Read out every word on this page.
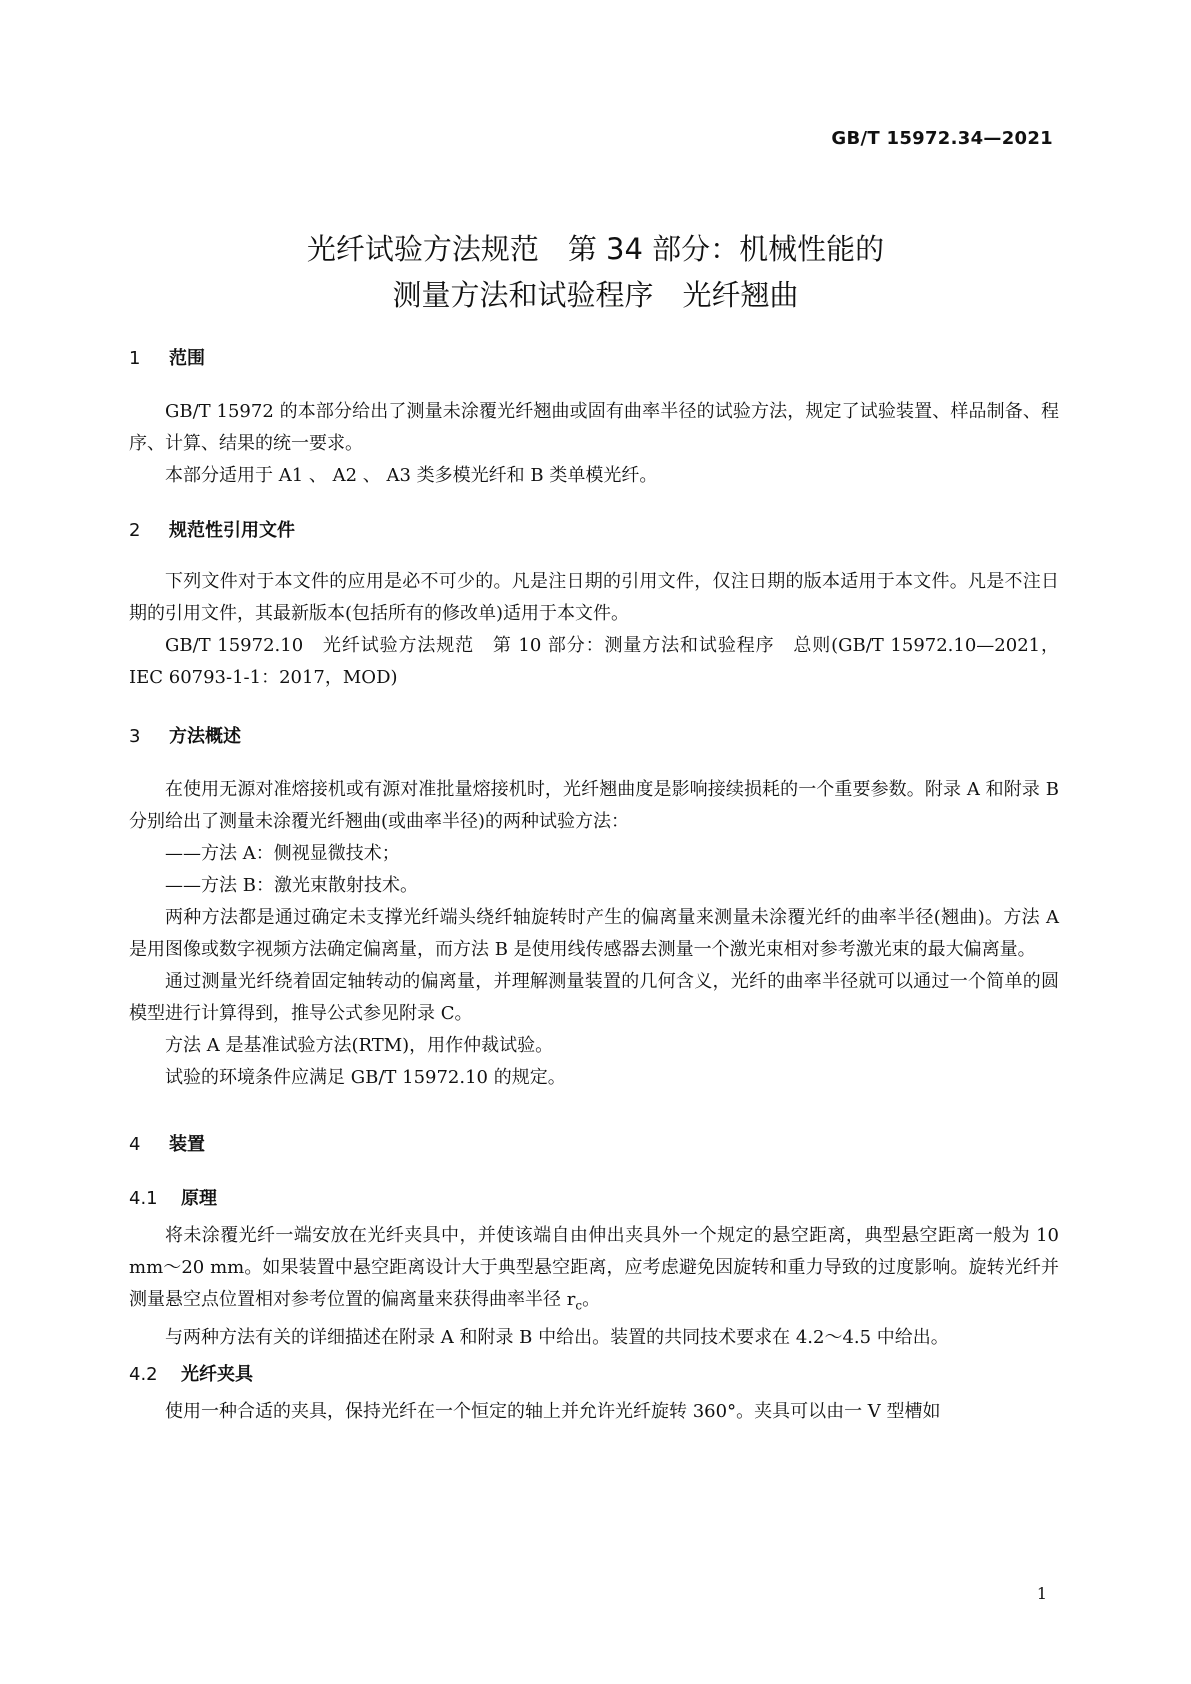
GB/T 15972.34—2021
光纤试验方法规范　第 34 部分：机械性能的
测量方法和试验程序　光纤翘曲
1 范围

GB/T 15972 的本部分给出了测量未涂覆光纤翘曲或固有曲率半径的试验方法，规定了试验装置、样品制备、程序、计算、结果的统一要求。

本部分适用于 A1 、 A2 、 A3 类多模光纤和 B 类单模光纤。

2 规范性引用文件

下列文件对于本文件的应用是必不可少的。凡是注日期的引用文件，仅注日期的版本适用于本文件。凡是不注日期的引用文件，其最新版本(包括所有的修改单)适用于本文件。

GB/T 15972.10　光纤试验方法规范　第 10 部分：测量方法和试验程序　总则(GB/T 15972.10—2021，IEC 60793-1-1：2017，MOD)

3 方法概述

在使用无源对准熔接机或有源对准批量熔接机时，光纤翘曲度是影响接续损耗的一个重要参数。附录 A 和附录 B 分别给出了测量未涂覆光纤翘曲(或曲率半径)的两种试验方法：

——方法 A：侧视显微技术；

——方法 B：激光束散射技术。

两种方法都是通过确定未支撑光纤端头绕纤轴旋转时产生的偏离量来测量未涂覆光纤的曲率半径(翘曲)。方法 A 是用图像或数字视频方法确定偏离量，而方法 B 是使用线传感器去测量一个激光束相对参考激光束的最大偏离量。

通过测量光纤绕着固定轴转动的偏离量，并理解测量装置的几何含义，光纤的曲率半径就可以通过一个简单的圆模型进行计算得到，推导公式参见附录 C。

方法 A 是基准试验方法(RTM)，用作仲裁试验。

试验的环境条件应满足 GB/T 15972.10 的规定。

4 装置
4.1 原理

将未涂覆光纤一端安放在光纤夹具中，并使该端自由伸出夹具外一个规定的悬空距离，典型悬空距离一般为 10 mm～20 mm。如果装置中悬空距离设计大于典型悬空距离，应考虑避免因旋转和重力导致的过度影响。旋转光纤并测量悬空点位置相对参考位置的偏离量来获得曲率半径 $r_c$。

与两种方法有关的详细描述在附录 A 和附录 B 中给出。装置的共同技术要求在 4.2～4.5 中给出。

4.2 光纤夹具

使用一种合适的夹具，保持光纤在一个恒定的轴上并允许光纤旋转 360°。夹具可以由一 V 型槽如

1
